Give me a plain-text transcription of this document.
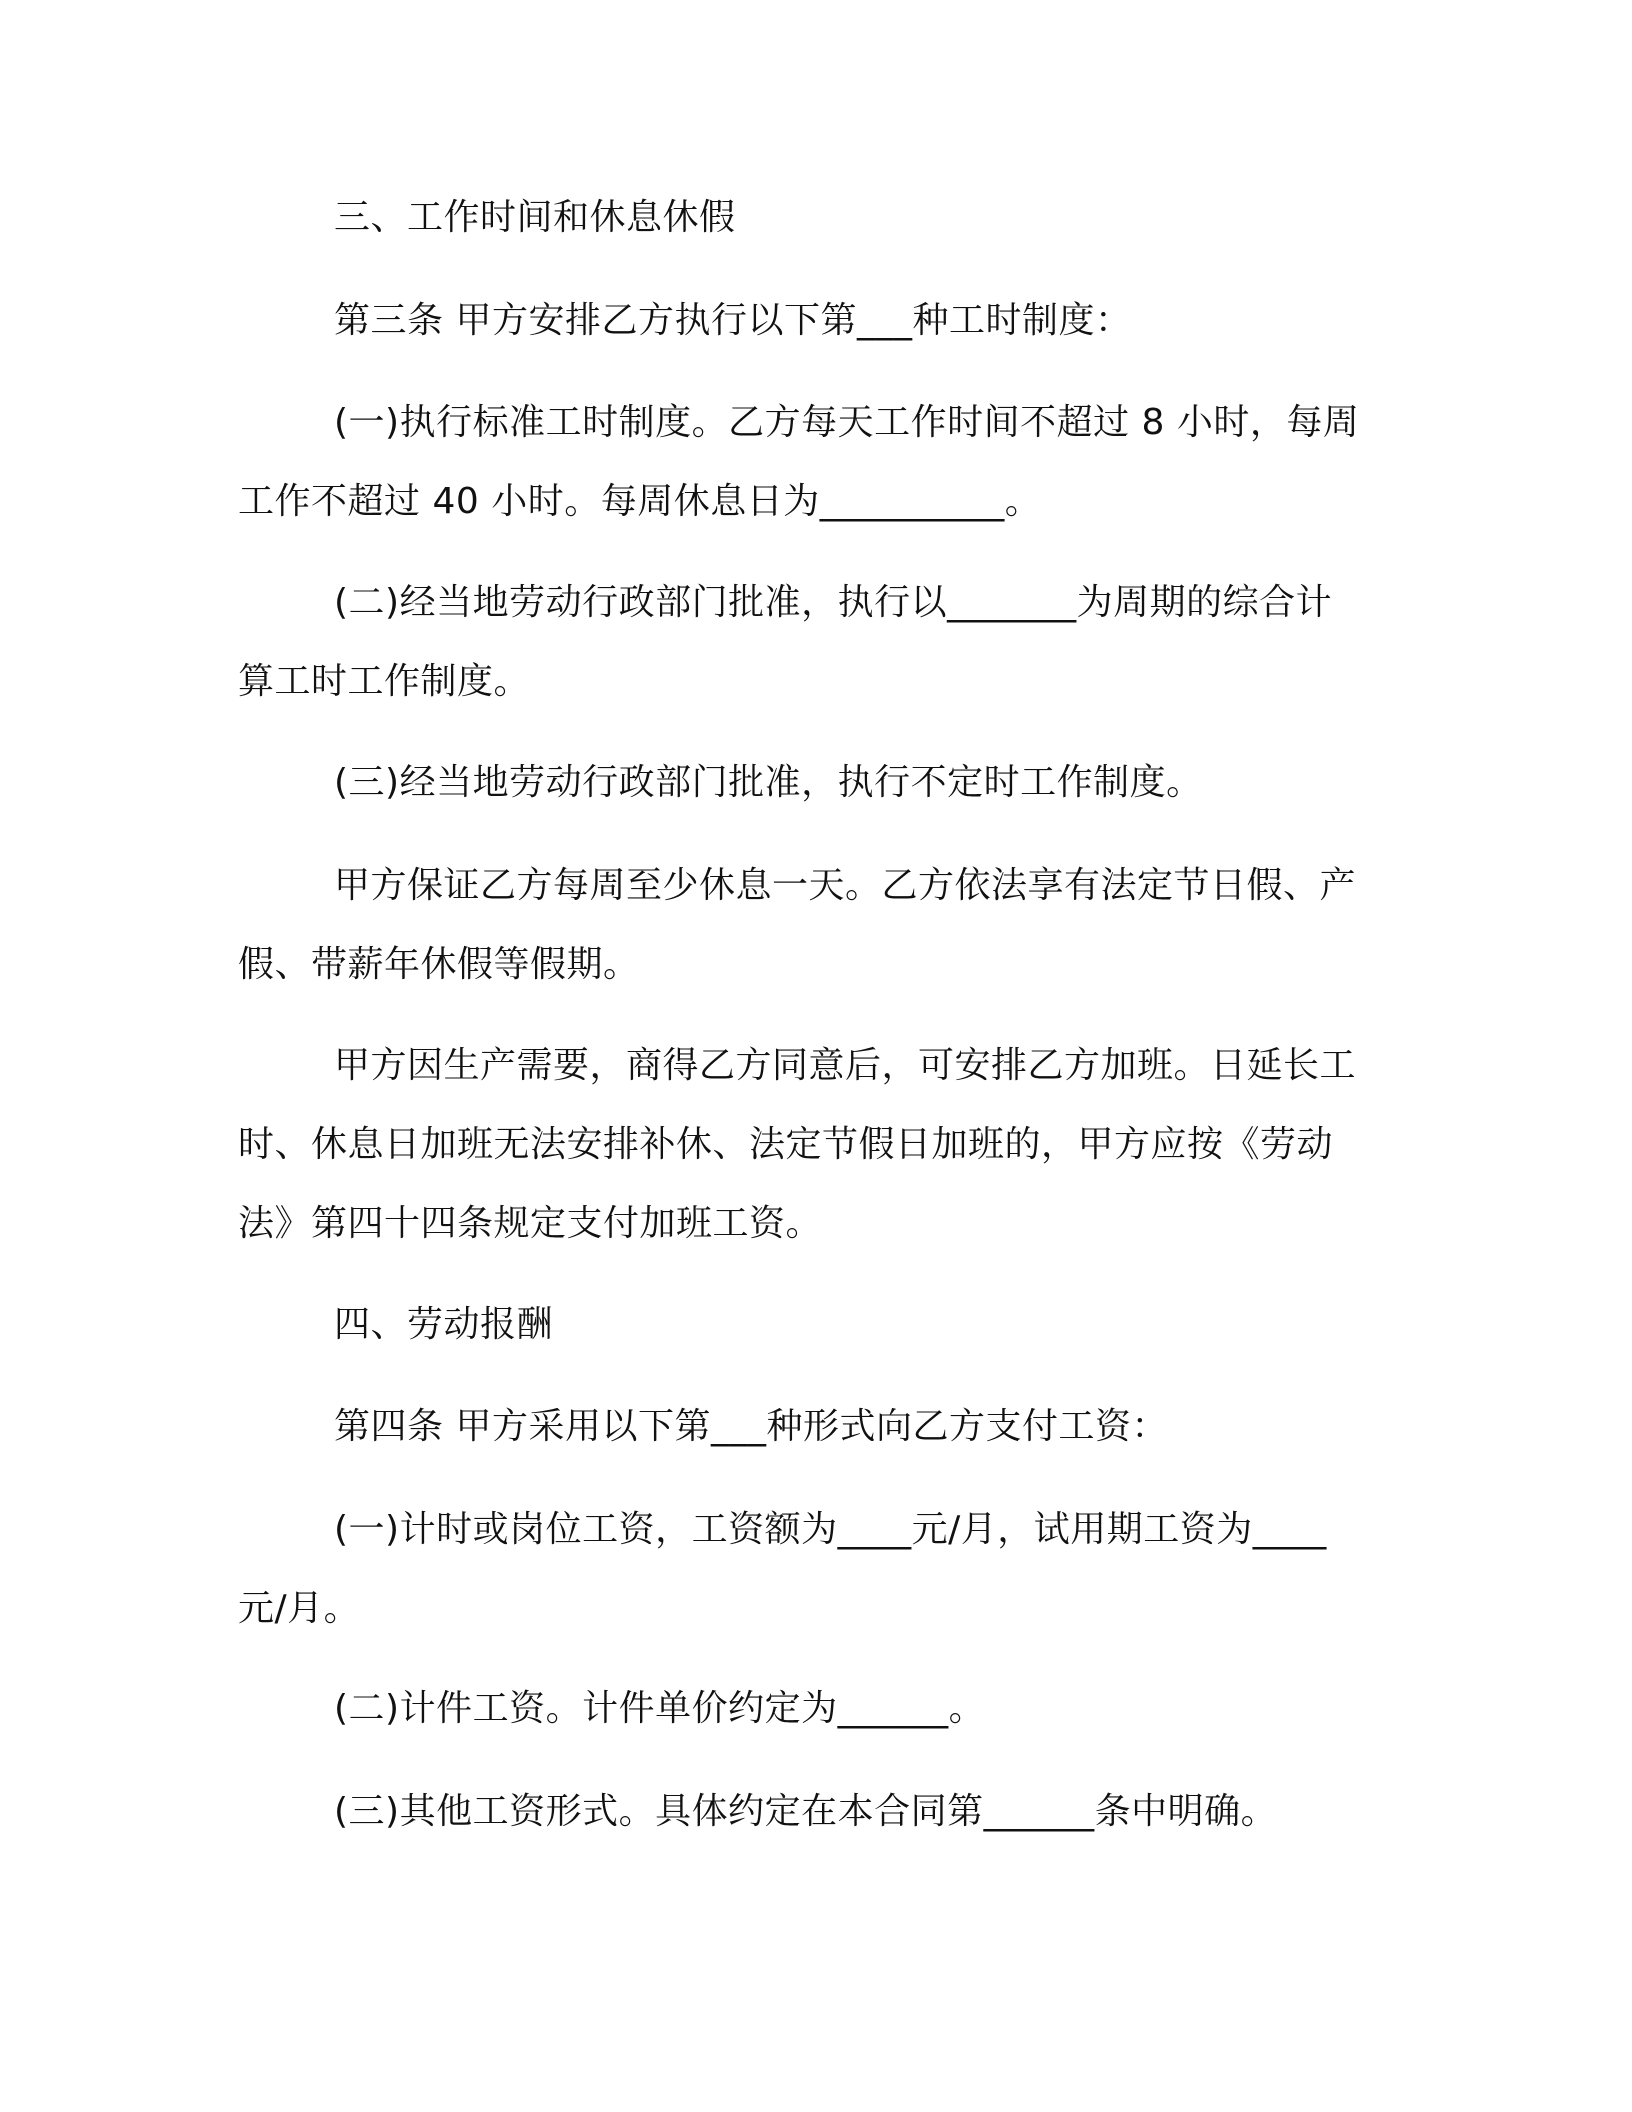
三、工作时间和休息休假
第三条 甲方安排乙方执行以下第___种工时制度：
(一)执行标准工时制度。乙方每天工作时间不超过 8 小时，每周
工作不超过 40 小时。每周休息日为__________。
(二)经当地劳动行政部门批准，执行以_______为周期的综合计
算工时工作制度。
(三)经当地劳动行政部门批准，执行不定时工作制度。
甲方保证乙方每周至少休息一天。乙方依法享有法定节日假、产
假、带薪年休假等假期。
甲方因生产需要，商得乙方同意后，可安排乙方加班。日延长工
时、休息日加班无法安排补休、法定节假日加班的，甲方应按《劳动
法》第四十四条规定支付加班工资。
四、劳动报酬
第四条 甲方采用以下第___种形式向乙方支付工资：
(一)计时或岗位工资，工资额为____元/月，试用期工资为____
元/月。
(二)计件工资。计件单价约定为______。
(三)其他工资形式。具体约定在本合同第______条中明确。
